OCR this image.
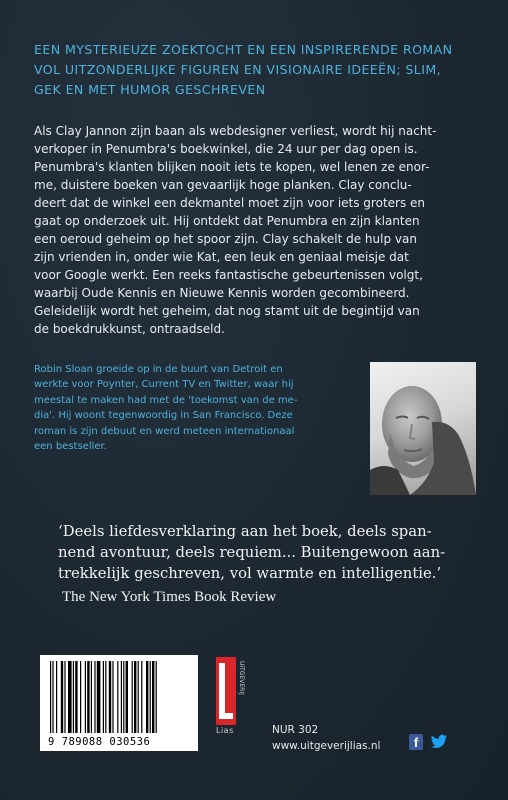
EEN MYSTERIEUZE ZOEKTOCHT EN EEN INSPIRERENDE ROMAN
VOL UITZONDERLIJKE FIGUREN EN VISIONAIRE IDEEËN; SLIM,
GEK EN MET HUMOR GESCHREVEN
Als Clay Jannon zijn baan als webdesigner verliest, wordt hij nacht-
verkoper in Penumbra's boekwinkel, die 24 uur per dag open is.
Penumbra's klanten blijken nooit iets te kopen, wel lenen ze enor-
me, duistere boeken van gevaarlijk hoge planken. Clay conclu-
deert dat de winkel een dekmantel moet zijn voor iets groters en
gaat op onderzoek uit. Hij ontdekt dat Penumbra en zijn klanten
een oeroud geheim op het spoor zijn. Clay schakelt de hulp van
zijn vrienden in, onder wie Kat, een leuk en geniaal meisje dat
voor Google werkt. Een reeks fantastische gebeurtenissen volgt,
waarbij Oude Kennis en Nieuwe Kennis worden gecombineerd.
Geleidelijk wordt het geheim, dat nog stamt uit de begintijd van
de boekdrukkunst, ontraadseld.
Robin Sloan groeide op in de buurt van Detroit en
werkte voor Poynter, Current TV en Twitter, waar hij
meestal te maken had met de 'toekomst van de me-
dia'. Hij woont tegenwoordig in San Francisco. Deze
roman is zijn debuut en werd meteen internationaal
een bestseller.
‘Deels liefdesverklaring aan het boek, deels span-
nend avontuur, deels requiem... Buitengewoon aan-
trekkelijk geschreven, vol warmte en intelligentie.’
The New York Times Book Review
9 789088 030536
UITGEVERIJ
Lias	NUR 302
www.uitgeverijlias.nl	f
